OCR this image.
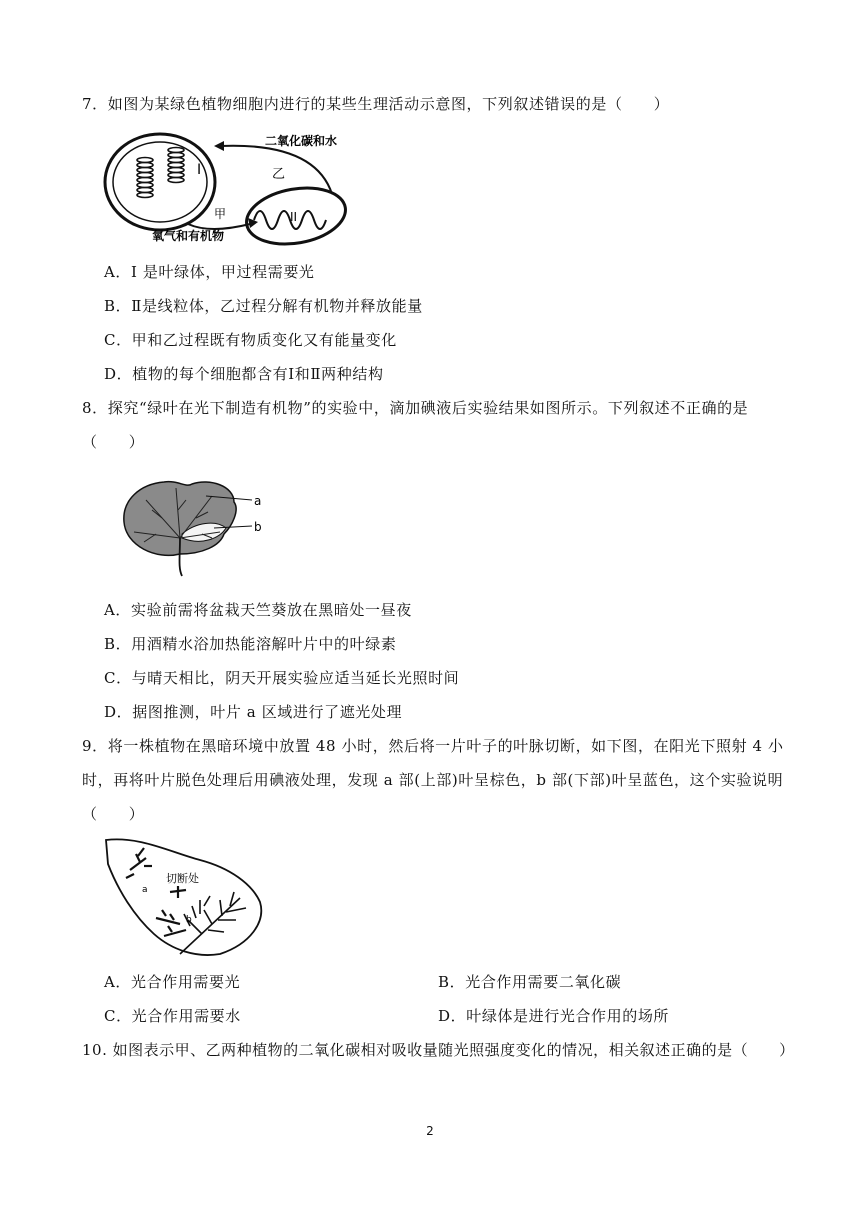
7．如图为某绿色植物细胞内进行的某些生理活动示意图，下列叙述错误的是（　　）
I
二氧化碳和水
乙
II
甲
氧气和有机物
A．I 是叶绿体，甲过程需要光
B．Ⅱ是线粒体，乙过程分解有机物并释放能量
C．甲和乙过程既有物质变化又有能量变化
D．植物的每个细胞都含有Ⅰ和Ⅱ两种结构
8．探究“绿叶在光下制造有机物”的实验中，滴加碘液后实验结果如图所示。下列叙述不正确的是
（　　）
a
b
A．实验前需将盆栽天竺葵放在黑暗处一昼夜
B．用酒精水浴加热能溶解叶片中的叶绿素
C．与晴天相比，阴天开展实验应适当延长光照时间
D．据图推测，叶片 a 区域进行了遮光处理
9．将一株植物在黑暗环境中放置 48 小时，然后将一片叶子的叶脉切断，如下图，在阳光下照射 4 小
时，再将叶片脱色处理后用碘液处理，发现 a 部(上部)叶呈棕色，b 部(下部)叶呈蓝色，这个实验说明
（　　）
切断处
a
b
A．光合作用需要光	B．光合作用需要二氧化碳
C．光合作用需要水	D．叶绿体是进行光合作用的场所
10. 如图表示甲、乙两种植物的二氧化碳相对吸收量随光照强度变化的情况，相关叙述正确的是（　　）
2
